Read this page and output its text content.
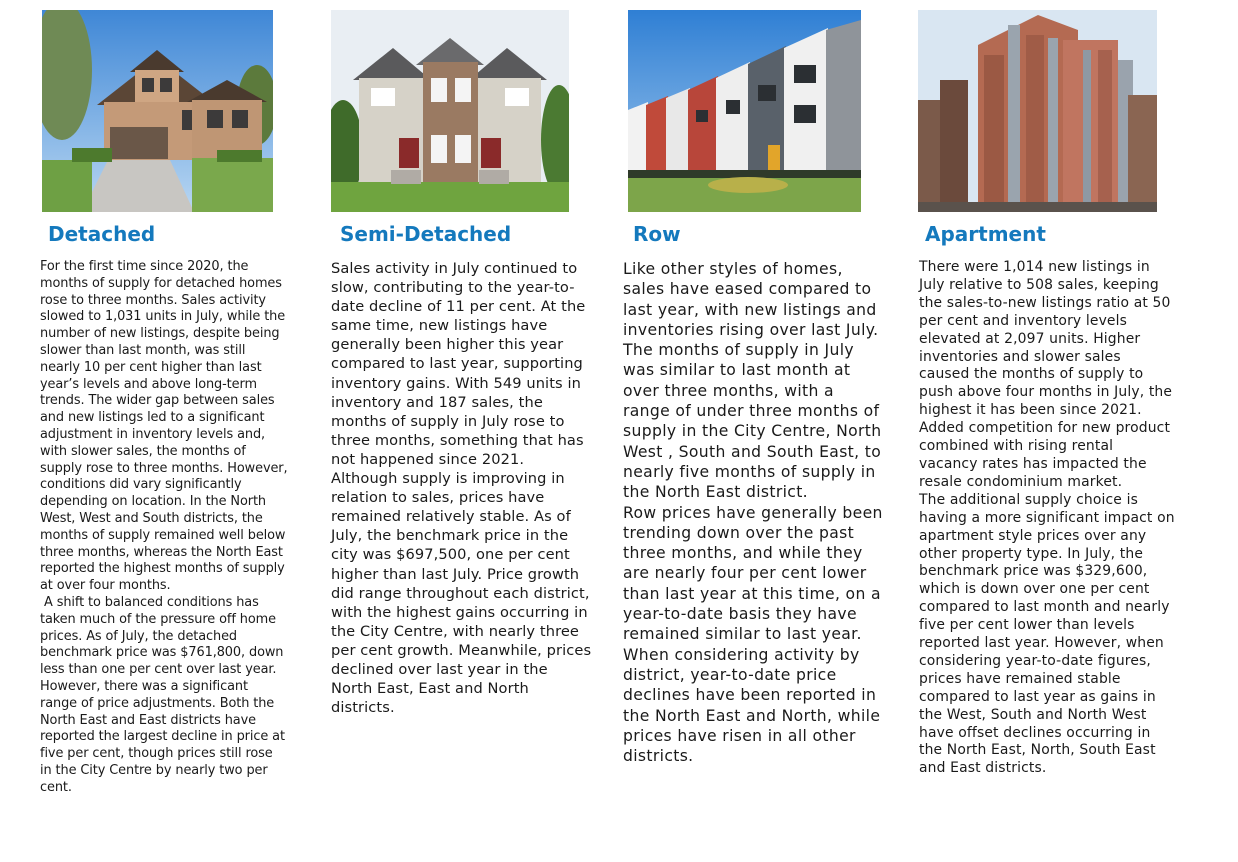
Detached

For the first time since 2020, the months of supply for detached homes rose to three months. Sales activity slowed to 1,031 units in July, while the number of new listings, despite being slower than last month, was still nearly 10 per cent higher than last year’s levels and above long-term trends. The wider gap between sales and new listings led to a significant adjustment in inventory levels and, with slower sales, the months of supply rose to three months. However, conditions did vary significantly depending on location. In the North West, West and South districts, the months of supply remained well below three months, whereas the North East reported the highest months of supply at over four months.

A shift to balanced conditions has taken much of the pressure off home prices. As of July, the detached benchmark price was $761,800, down less than one per cent over last year. However, there was a significant range of price adjustments. Both the North East and East districts have reported the largest decline in price at five per cent, though prices still rose in the City Centre by nearly two per cent.

Semi-Detached

Sales activity in July continued to slow, contributing to the year-to-date decline of 11 per cent. At the same time, new listings have generally been higher this year compared to last year, supporting inventory gains. With 549 units in inventory and 187 sales, the months of supply in July rose to three months, something that has not happened since 2021.

Although supply is improving in relation to sales, prices have remained relatively stable. As of July, the benchmark price in the city was $697,500, one per cent higher than last July. Price growth did range throughout each district, with the highest gains occurring in the City Centre, with nearly three per cent growth. Meanwhile, prices declined over last year in the North East, East and North districts.

Row

Like other styles of homes, sales have eased compared to last year, with new listings and inventories rising over last July. The months of supply in July was similar to last month at over three months, with a range of under three months of supply in the City Centre, North West , South and South East, to nearly five months of supply in the North East district.

Row prices have generally been trending down over the past three months, and while they are nearly four per cent lower than last year at this time, on a year-to-date basis they have remained similar to last year. When considering activity by district, year-to-date price declines have been reported in the North East and North, while prices have risen in all other districts.

Apartment

There were 1,014 new listings in July relative to 508 sales, keeping the sales-to-new listings ratio at 50 per cent and inventory levels elevated at 2,097 units. Higher inventories and slower sales caused the months of supply to push above four months in July, the highest it has been since 2021. Added competition for new product combined with rising rental vacancy rates has impacted the resale condominium market.

The additional supply choice is having a more significant impact on apartment style prices over any other property type. In July, the benchmark price was $329,600, which is down over one per cent compared to last month and nearly five per cent lower than levels reported last year. However, when considering year-to-date figures, prices have remained stable compared to last year as gains in the West, South and North West have offset declines occurring in the North East, North, South East and East districts.
